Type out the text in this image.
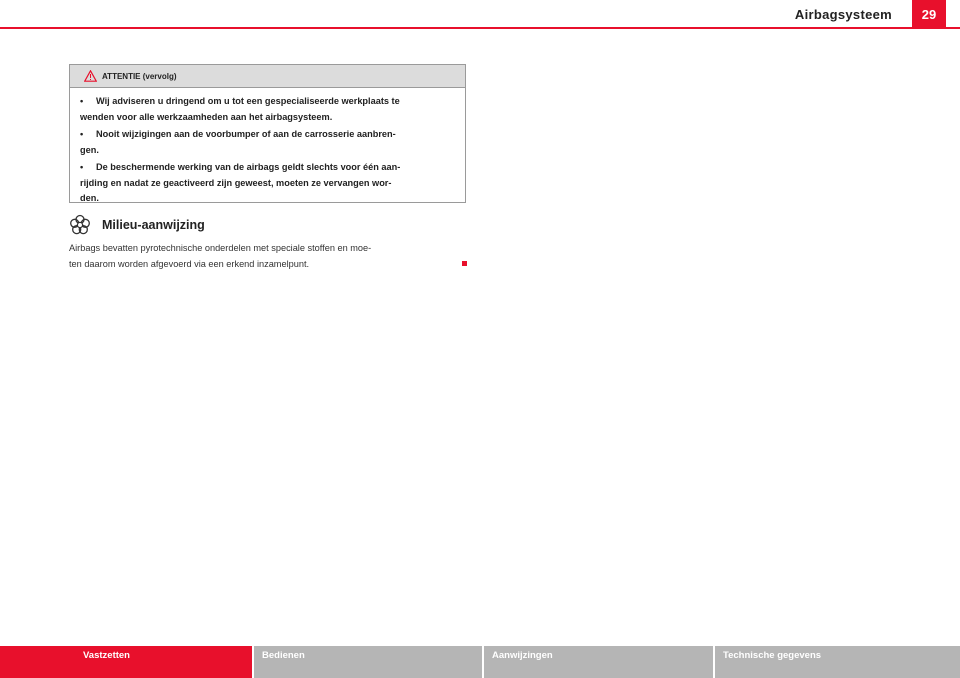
Airbagsysteem	29
ATTENTIE (vervolg)
• Wij adviseren u dringend om u tot een gespecialiseerde werkplaats te
wenden voor alle werkzaamheden aan het airbagsysteem.
• Nooit wijzigingen aan de voorbumper of aan de carrosserie aanbren-
gen.
• De beschermende werking van de airbags geldt slechts voor één aan-
rijding en nadat ze geactiveerd zijn geweest, moeten ze vervangen wor-
den.
Milieu-aanwijzing
Airbags bevatten pyrotechnische onderdelen met speciale stoffen en moe-
ten daarom worden afgevoerd via een erkend inzamelpunt.
Vastzetten	Bedienen	Aanwijzingen	Technische gegevens
